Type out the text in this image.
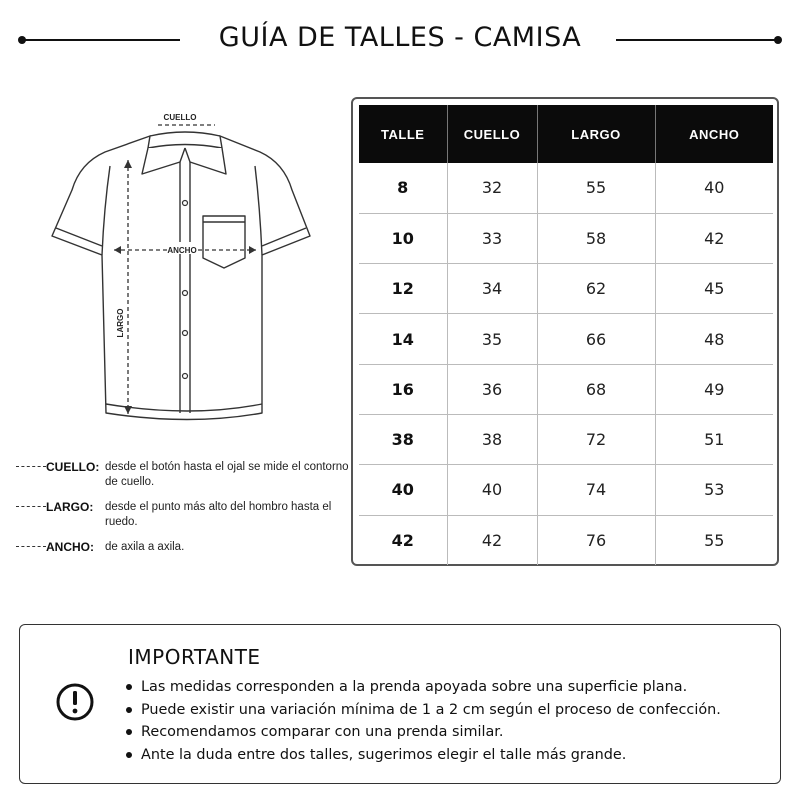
GUÍA DE TALLES - CAMISA
CUELLO
ANCHO
LARGO
CUELLO: desde el botón hasta el ojal se mide el contorno de cuello.
LARGO: desde el punto más alto del hombro hasta el ruedo.
ANCHO: de axila a axila.
TALLE	CUELLO	LARGO	ANCHO
8	32	55	40
10	33	58	42
12	34	62	45
14	35	66	48
16	36	68	49
38	38	72	51
40	40	74	53
42	42	76	55
IMPORTANTE
Las medidas corresponden a la prenda apoyada sobre una superficie plana.
Puede existir una variación mínima de 1 a 2 cm según el proceso de confección.
Recomendamos comparar con una prenda similar.
Ante la duda entre dos talles, sugerimos elegir el talle más grande.
